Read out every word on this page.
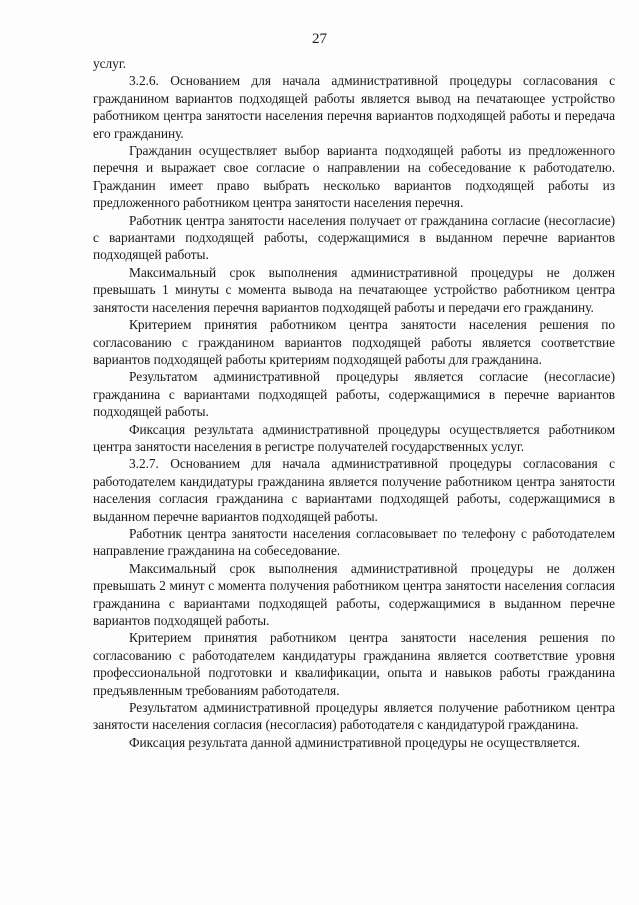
27

услуг.

3.2.6. Основанием для начала административной процедуры согласования с гражданином вариантов подходящей работы является вывод на печатающее устройство работником центра занятости населения перечня вариантов подходящей работы и передача его гражданину.

Гражданин осуществляет выбор варианта подходящей работы из предложенного перечня и выражает свое согласие о направлении на собеседование к работодателю. Гражданин имеет право выбрать несколько вариантов подходящей работы из предложенного работником центра занятости населения перечня.

Работник центра занятости населения получает от гражданина согласие (несогласие) с вариантами подходящей работы, содержащимися в выданном перечне вариантов подходящей работы.

Максимальный срок выполнения административной процедуры не должен превышать 1 минуты с момента вывода на печатающее устройство работником центра занятости населения перечня вариантов подходящей работы и передачи его гражданину.

Критерием принятия работником центра занятости населения решения по согласованию с гражданином вариантов подходящей работы является соответствие вариантов подходящей работы критериям подходящей работы для гражданина.

Результатом административной процедуры является согласие (несогласие) гражданина с вариантами подходящей работы, содержащимися в перечне вариантов подходящей работы.

Фиксация результата административной процедуры осуществляется работником центра занятости населения в регистре получателей государственных услуг.

3.2.7. Основанием для начала административной процедуры согласования с работодателем кандидатуры гражданина является получение работником центра занятости населения согласия гражданина с вариантами подходящей работы, содержащимися в выданном перечне вариантов подходящей работы.

Работник центра занятости населения согласовывает по телефону с работодателем направление гражданина на собеседование.

Максимальный срок выполнения административной процедуры не должен превышать 2 минут с момента получения работником центра занятости населения согласия гражданина с вариантами подходящей работы, содержащимися в выданном перечне вариантов подходящей работы.

Критерием принятия работником центра занятости населения решения по согласованию с работодателем кандидатуры гражданина является соответствие уровня профессиональной подготовки и квалификации, опыта и навыков работы гражданина предъявленным требованиям работодателя.

Результатом административной процедуры является получение работником центра занятости населения согласия (несогласия) работодателя с кандидатурой гражданина.

Фиксация результата данной административной процедуры не осуществляется.
